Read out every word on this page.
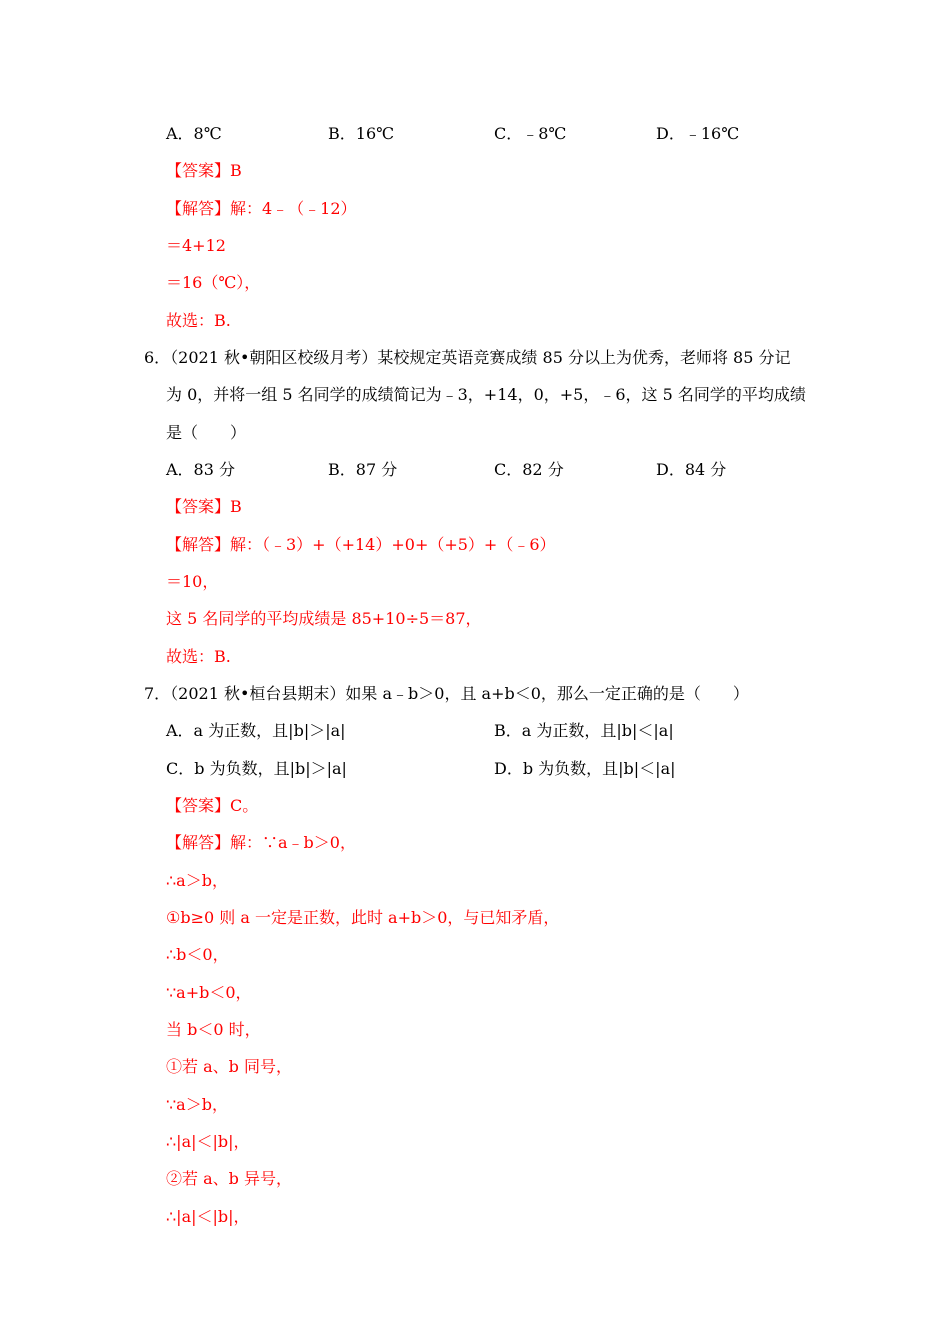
A．8℃	B．16℃	C．﹣8℃	D．﹣16℃
【答案】B
【解答】解：4﹣（﹣12）
＝4+12
＝16（℃），
故选：B.
6．（2021 秋•朝阳区校级月考）某校规定英语竞赛成绩 85 分以上为优秀，老师将 85 分记
为 0，并将一组 5 名同学的成绩简记为﹣3，+14，0，+5，﹣6，这 5 名同学的平均成绩
是（　　）
A．83 分	B．87 分	C．82 分	D．84 分
【答案】B
【解答】解：（﹣3）+（+14）+0+（+5）+（﹣6）
＝10，
这 5 名同学的平均成绩是 85+10÷5＝87，
故选：B.
7．（2021 秋•桓台县期末）如果 a﹣b＞0，且 a+b＜0，那么一定正确的是（　　）
A．a 为正数，且|b|＞|a|	B．a 为正数，且|b|＜|a|
C．b 为负数，且|b|＞|a|	D．b 为负数，且|b|＜|a|
【答案】C。
【解答】解：∵a﹣b＞0，
∴a＞b，
①b≥0 则 a 一定是正数，此时 a+b＞0，与已知矛盾，
∴b＜0，
∵a+b＜0，
当 b＜0 时，
①若 a、b 同号，
∵a＞b，
∴|a|＜|b|，
②若 a、b 异号，
∴|a|＜|b|，
